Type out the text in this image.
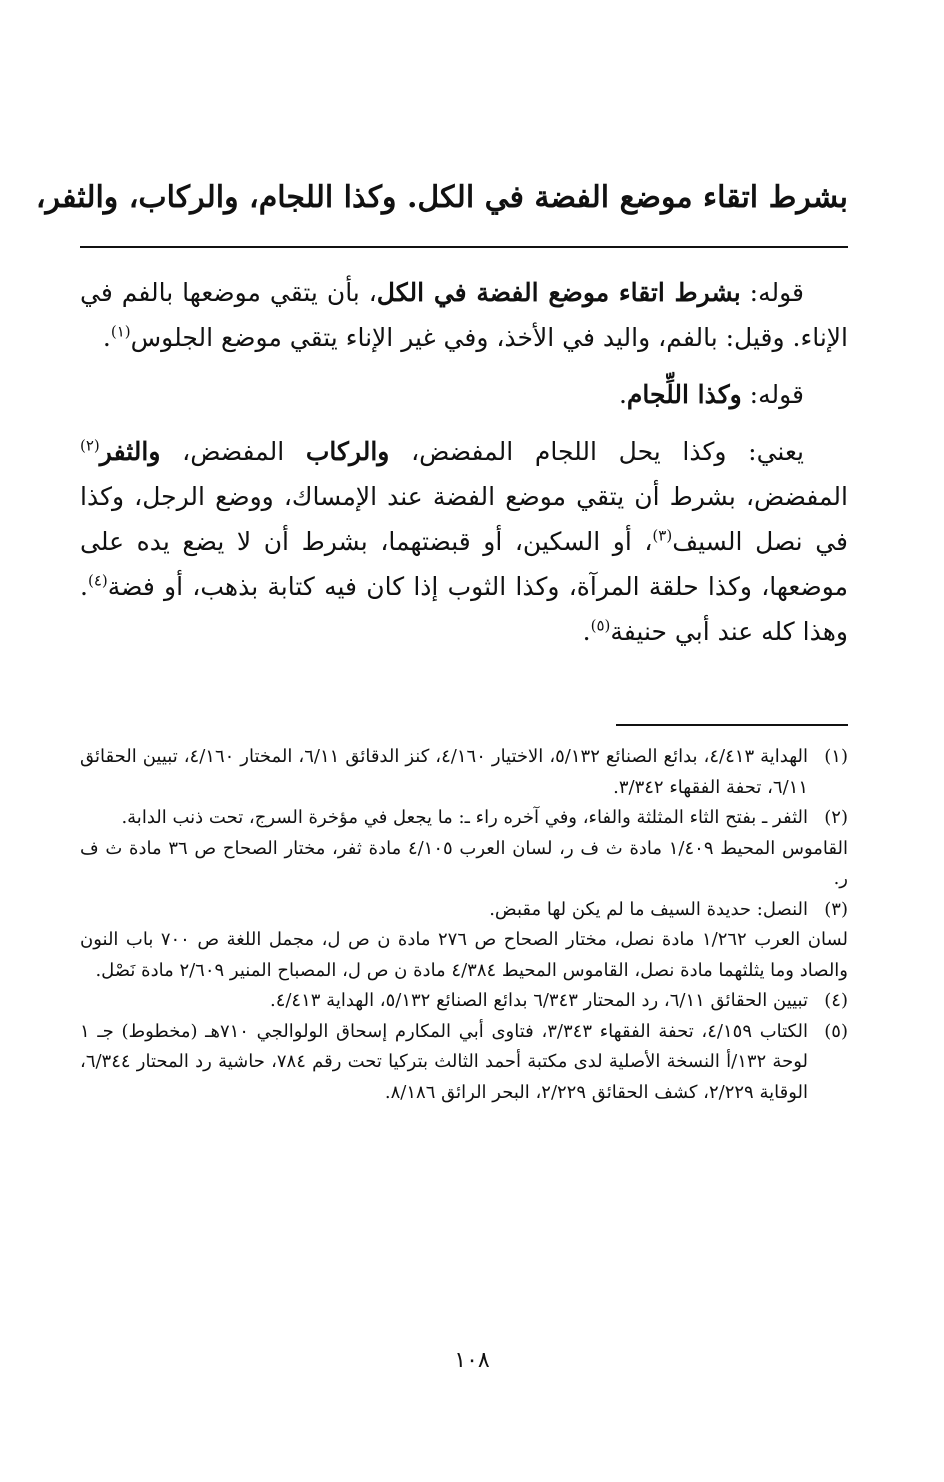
بشرط اتقاء موضع الفضة في الكل. وكذا اللجام، والركاب، والثفر،

قوله: بشرط اتقاء موضع الفضة في الكل، بأن يتقي موضعها بالفم في الإناء. وقيل: بالفم، واليد في الأخذ، وفي غير الإناء يتقي موضع الجلوس$^{(١)}$.

قوله: وكذا اللِّجام.

يعني: وكذا يحل اللجام المفضض، والركاب المفضض، والثفر$^{(٢)}$ المفضض، بشرط أن يتقي موضع الفضة عند الإمساك، ووضع الرجل، وكذا في نصل السيف$^{(٣)}$، أو السكين، أو قبضتهما، بشرط أن لا يضع يده على موضعها، وكذا حلقة المرآة، وكذا الثوب إذا كان فيه كتابة بذهب، أو فضة$^{(٤)}$. وهذا كله عند أبي حنيفة$^{(٥)}$.

(١)

الهداية ٤/٤١٣، بدائع الصنائع ٥/١٣٢، الاختيار ٤/١٦٠، كنز الدقائق ٦/١١، المختار ٤/١٦٠، تبيين الحقائق ٦/١١، تحفة الفقهاء ٣/٣٤٢.

(٢)

الثفر ـ بفتح الثاء المثلثة والفاء، وفي آخره راء ـ: ما يجعل في مؤخرة السرج، تحت ذنب الدابة.

القاموس المحيط ١/٤٠٩ مادة ث ف ر، لسان العرب ٤/١٠٥ مادة ثفر، مختار الصحاح ص ٣٦ مادة ث ف ر.

(٣)

النصل: حديدة السيف ما لم يكن لها مقبض.

لسان العرب ١/٢٦٢ مادة نصل، مختار الصحاح ص ٢٧٦ مادة ن ص ل، مجمل اللغة ص ٧٠٠ باب النون والصاد وما يثلثهما مادة نصل، القاموس المحيط ٤/٣٨٤ مادة ن ص ل، المصباح المنير ٢/٦٠٩ مادة نَصْل.

(٤)

تبيين الحقائق ٦/١١، رد المحتار ٦/٣٤٣ بدائع الصنائع ٥/١٣٢، الهداية ٤/٤١٣.

(٥)

الكتاب ٤/١٥٩، تحفة الفقهاء ٣/٣٤٣، فتاوى أبي المكارم إسحاق الولوالجي ٧١٠هـ (مخطوط) جـ ١ لوحة ١٣٢/أ النسخة الأصلية لدى مكتبة أحمد الثالث بتركيا تحت رقم ٧٨٤، حاشية رد المحتار ٦/٣٤٤، الوقاية ٢/٢٢٩، كشف الحقائق ٢/٢٢٩، البحر الرائق ٨/١٨٦.

١٠٨
